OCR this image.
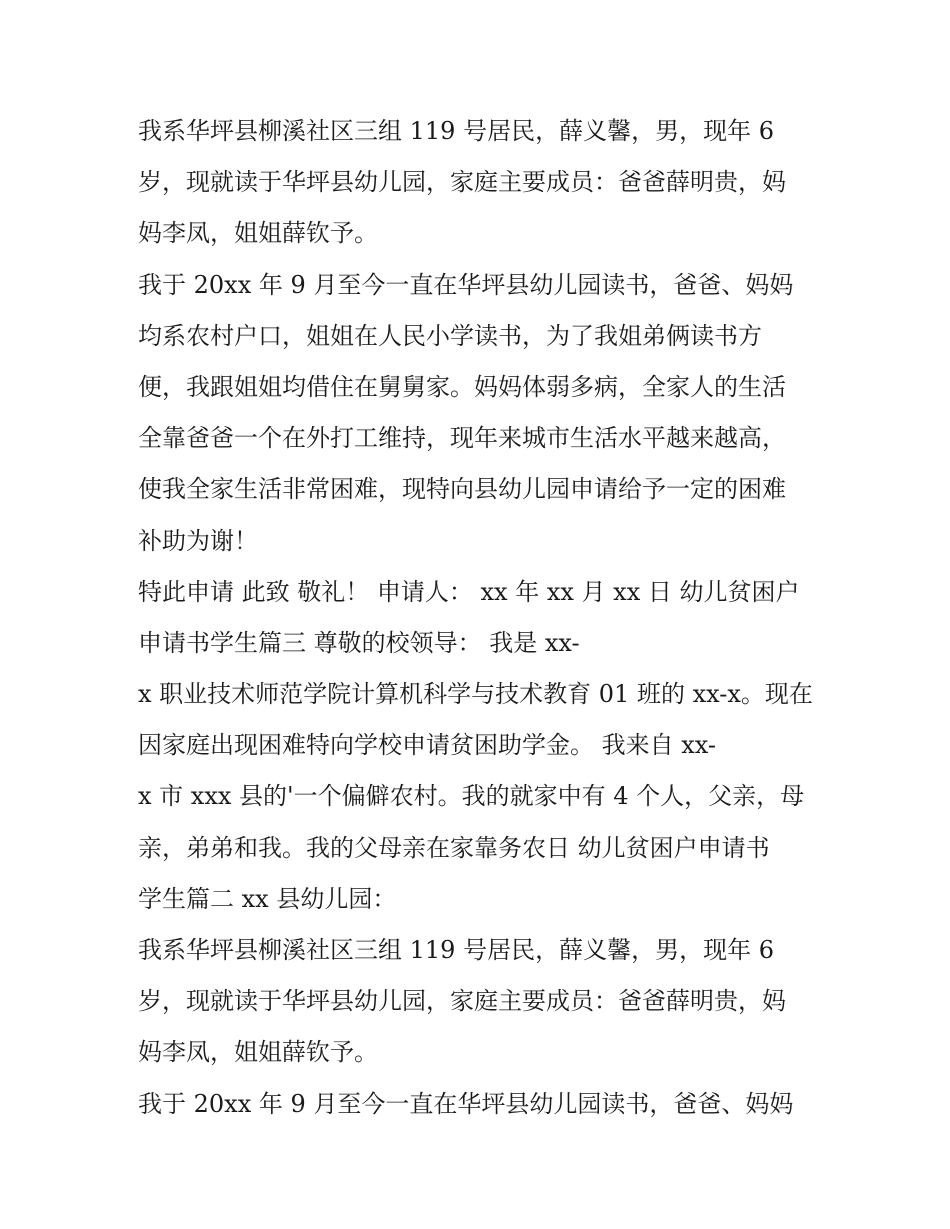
我系华坪县柳溪社区三组 119 号居民，薛义馨，男，现年 6
岁，现就读于华坪县幼儿园，家庭主要成员：爸爸薛明贵，妈
妈李凤，姐姐薛钦予。
我于 20xx 年 9 月至今一直在华坪县幼儿园读书，爸爸、妈妈
均系农村户口，姐姐在人民小学读书，为了我姐弟俩读书方
便，我跟姐姐均借住在舅舅家。妈妈体弱多病，全家人的生活
全靠爸爸一个在外打工维持，现年来城市生活水平越来越高，
使我全家生活非常困难，现特向县幼儿园申请给予一定的困难
补助为谢！
特此申请 此致 敬礼！ 申请人： xx 年 xx 月 xx 日 幼儿贫困户
申请书学生篇三 尊敬的校领导： 我是 xx-
x 职业技术师范学院计算机科学与技术教育 01 班的 xx-x。现在
因家庭出现困难特向学校申请贫困助学金。 我来自 xx-
x 市 xxx 县的'一个偏僻农村。我的就家中有 4 个人，父亲，母
亲，弟弟和我。我的父母亲在家靠务农日 幼儿贫困户申请书
学生篇二 xx 县幼儿园：
我系华坪县柳溪社区三组 119 号居民，薛义馨，男，现年 6
岁，现就读于华坪县幼儿园，家庭主要成员：爸爸薛明贵，妈
妈李凤，姐姐薛钦予。
我于 20xx 年 9 月至今一直在华坪县幼儿园读书，爸爸、妈妈
